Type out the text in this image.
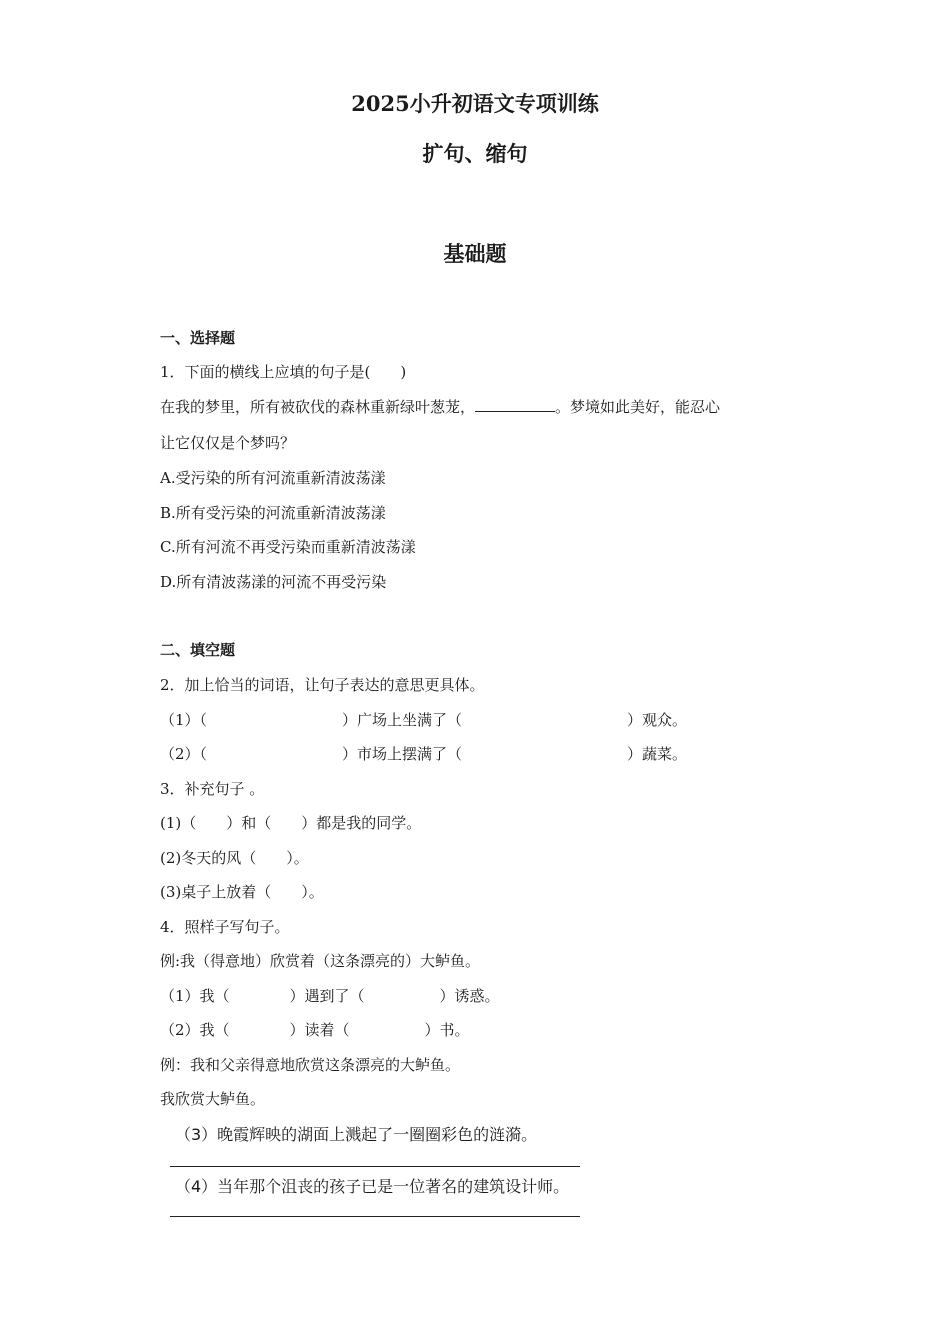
2025小升初语文专项训练
扩句、缩句
基础题
一、选择题
1．下面的横线上应填的句子是(　　)
在我的梦里，所有被砍伐的森林重新绿叶葱茏，	。梦境如此美好，能忍心
让它仅仅是个梦吗？
A.受污染的所有河流重新清波荡漾
B.所有受污染的河流重新清波荡漾
C.所有河流不再受污染而重新清波荡漾
D.所有清波荡漾的河流不再受污染
二、填空题
2．加上恰当的词语，让句子表达的意思更具体。
（1）（　　　　　　　　　）广场上坐满了（　　　　　　　　　　　）观众。
（2）（　　　　　　　　　）市场上摆满了（　　　　　　　　　　　）蔬菜。
3．补充句子 。
(1)（　　）和（　　）都是我的同学。
(2)冬天的风（　　）。
(3)桌子上放着（　　）。
4．照样子写句子。
例:我（得意地）欣赏着（这条漂亮的）大鲈鱼。
（1）我（　　　　）遇到了（　　　　　）诱惑。
（2）我（　　　　）读着（　　　　　）书。
例：我和父亲得意地欣赏这条漂亮的大鲈鱼。
我欣赏大鲈鱼。
（3）晚霞辉映的湖面上溅起了一圈圈彩色的涟漪。
（4）当年那个沮丧的孩子已是一位著名的建筑设计师。
